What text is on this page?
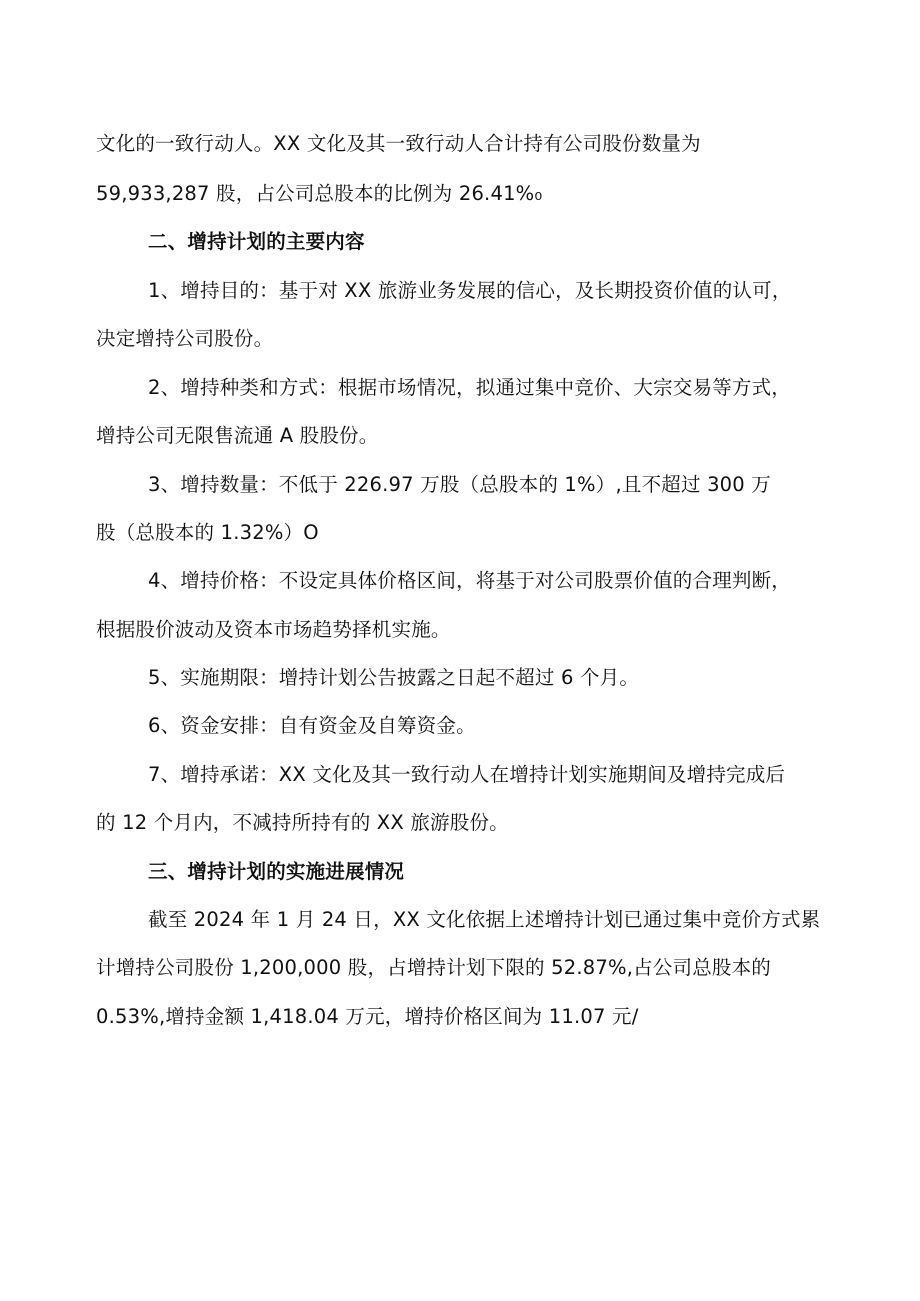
文化的一致行动人。XX 文化及其一致行动人合计持有公司股份数量为
59,933,287 股，占公司总股本的比例为 26.41%₀
二、增持计划的主要内容
1、增持目的：基于对 XX 旅游业务发展的信心，及长期投资价值的认可，
决定增持公司股份。
2、增持种类和方式：根据市场情况，拟通过集中竞价、大宗交易等方式，
增持公司无限售流通 A 股股份。
3、增持数量：不低于 226.97 万股（总股本的 1%）,且不超过 300 万
股（总股本的 1.32%）O
4、增持价格：不设定具体价格区间，将基于对公司股票价值的合理判断，
根据股价波动及资本市场趋势择机实施。
5、实施期限：增持计划公告披露之日起不超过 6 个月。
6、资金安排：自有资金及自筹资金。
7、增持承诺：XX 文化及其一致行动人在增持计划实施期间及增持完成后
的 12 个月内，不减持所持有的 XX 旅游股份。
三、增持计划的实施进展情况
截至 2024 年 1 月 24 日，XX 文化依据上述增持计划已通过集中竞价方式累
计增持公司股份 1,200,000 股，占增持计划下限的 52.87%,占公司总股本的
0.53%,增持金额 1,418.04 万元，增持价格区间为 11.07 元/
